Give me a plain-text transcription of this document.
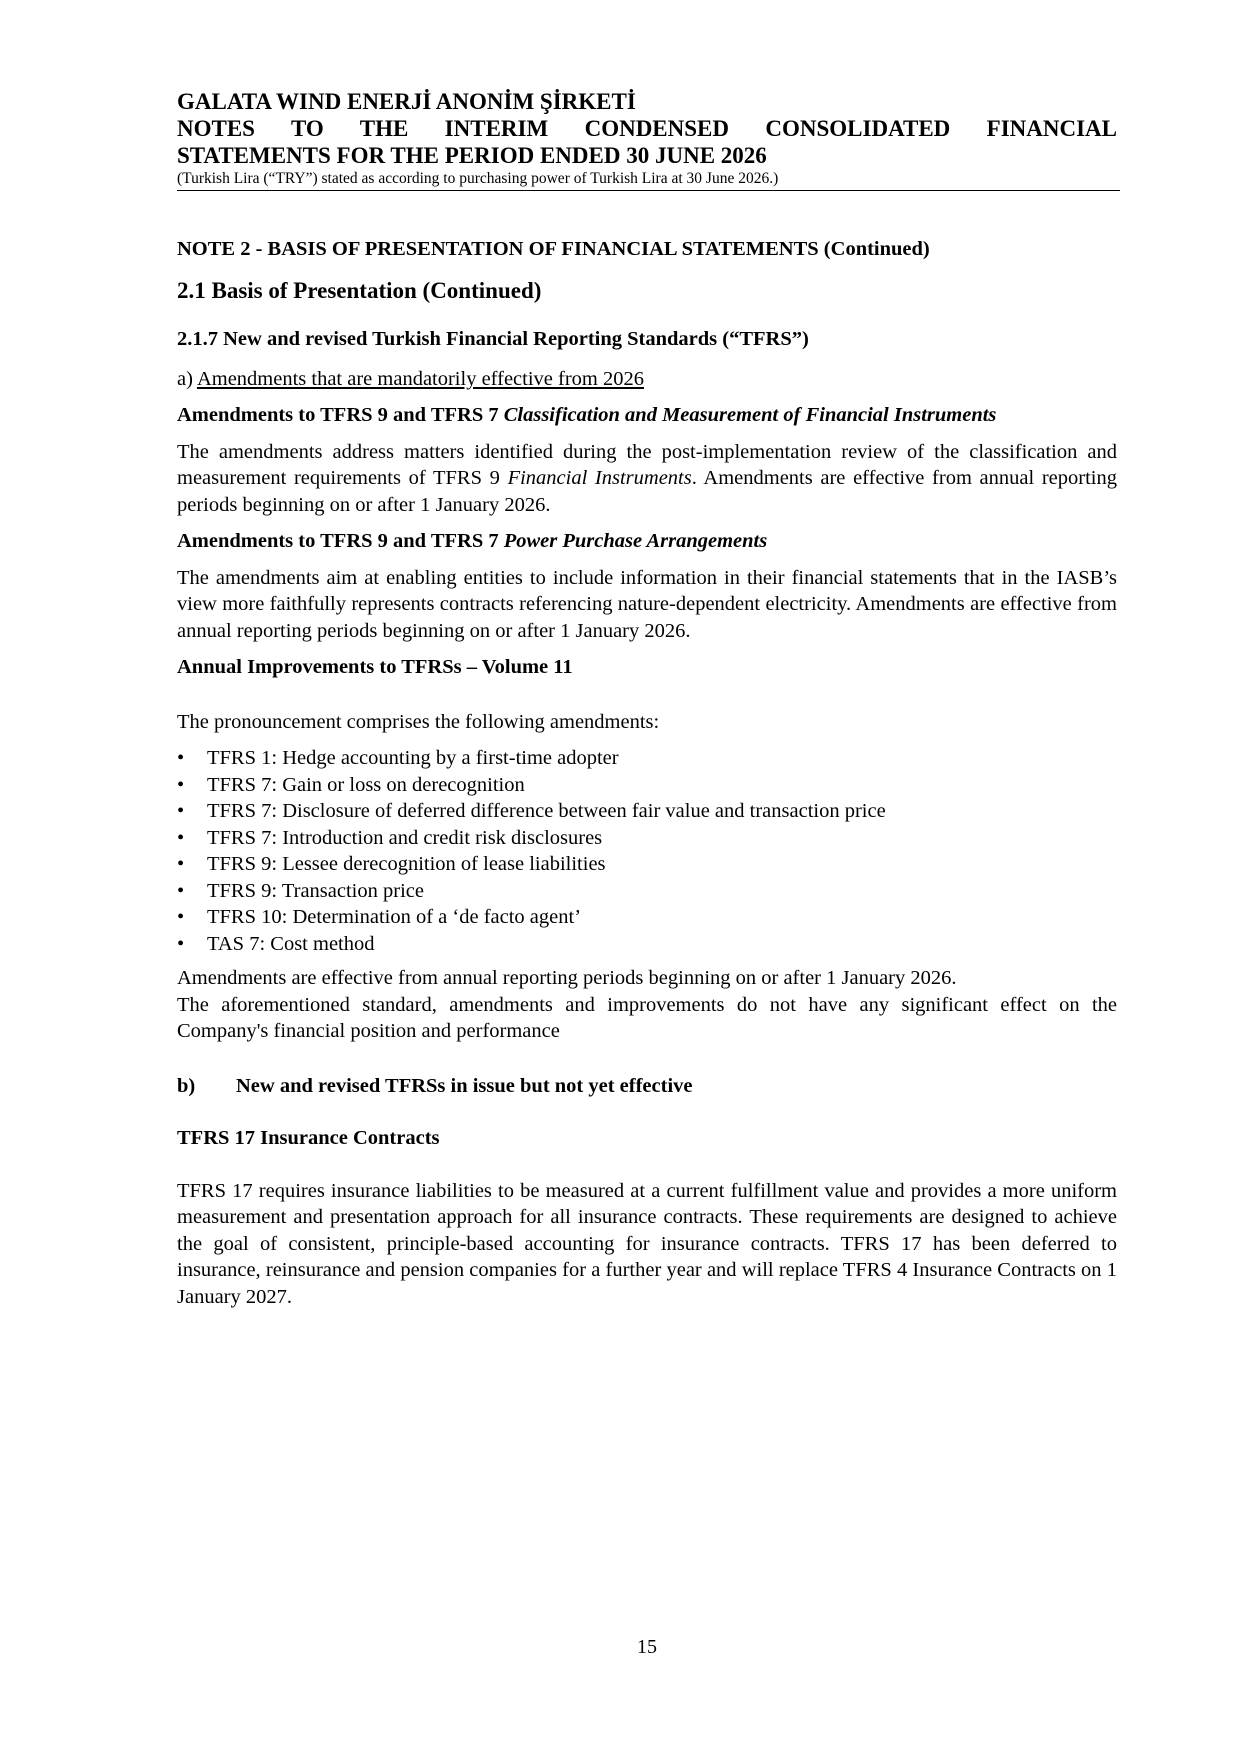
GALATA WIND ENERJİ ANONİM ŞİRKETİ

NOTES TO THE INTERIM CONDENSED CONSOLIDATED FINANCIAL

STATEMENTS FOR THE PERIOD ENDED 30 JUNE 2026

(Turkish Lira (“TRY”) stated as according to purchasing power of Turkish Lira at 30 June 2026.)

NOTE 2 - BASIS OF PRESENTATION OF FINANCIAL STATEMENTS (Continued)

2.1 Basis of Presentation (Continued)

2.1.7 New and revised Turkish Financial Reporting Standards (“TFRS”)

a) Amendments that are mandatorily effective from 2026

Amendments to TFRS 9 and TFRS 7 Classification and Measurement of Financial Instruments

The amendments address matters identified during the post-implementation review of the classification and measurement requirements of TFRS 9 Financial Instruments. Amendments are effective from annual reporting periods beginning on or after 1 January 2026.

Amendments to TFRS 9 and TFRS 7 Power Purchase Arrangements

The amendments aim at enabling entities to include information in their financial statements that in the IASB’s view more faithfully represents contracts referencing nature-dependent electricity. Amendments are effective from annual reporting periods beginning on or after 1 January 2026.

Annual Improvements to TFRSs – Volume 11

The pronouncement comprises the following amendments:

• TFRS 1: Hedge accounting by a first-time adopter
• TFRS 7: Gain or loss on derecognition
• TFRS 7: Disclosure of deferred difference between fair value and transaction price
• TFRS 7: Introduction and credit risk disclosures
• TFRS 9: Lessee derecognition of lease liabilities
• TFRS 9: Transaction price
• TFRS 10: Determination of a ‘de facto agent’
• TAS 7: Cost method

Amendments are effective from annual reporting periods beginning on or after 1 January 2026.

The aforementioned standard, amendments and improvements do not have any significant effect on the Company's financial position and performance

b)	New and revised TFRSs in issue but not yet effective

TFRS 17 Insurance Contracts

TFRS 17 requires insurance liabilities to be measured at a current fulfillment value and provides a more uniform measurement and presentation approach for all insurance contracts. These requirements are designed to achieve the goal of consistent, principle-based accounting for insurance contracts. TFRS 17 has been deferred to insurance, reinsurance and pension companies for a further year and will replace TFRS 4 Insurance Contracts on 1 January 2027.

15
